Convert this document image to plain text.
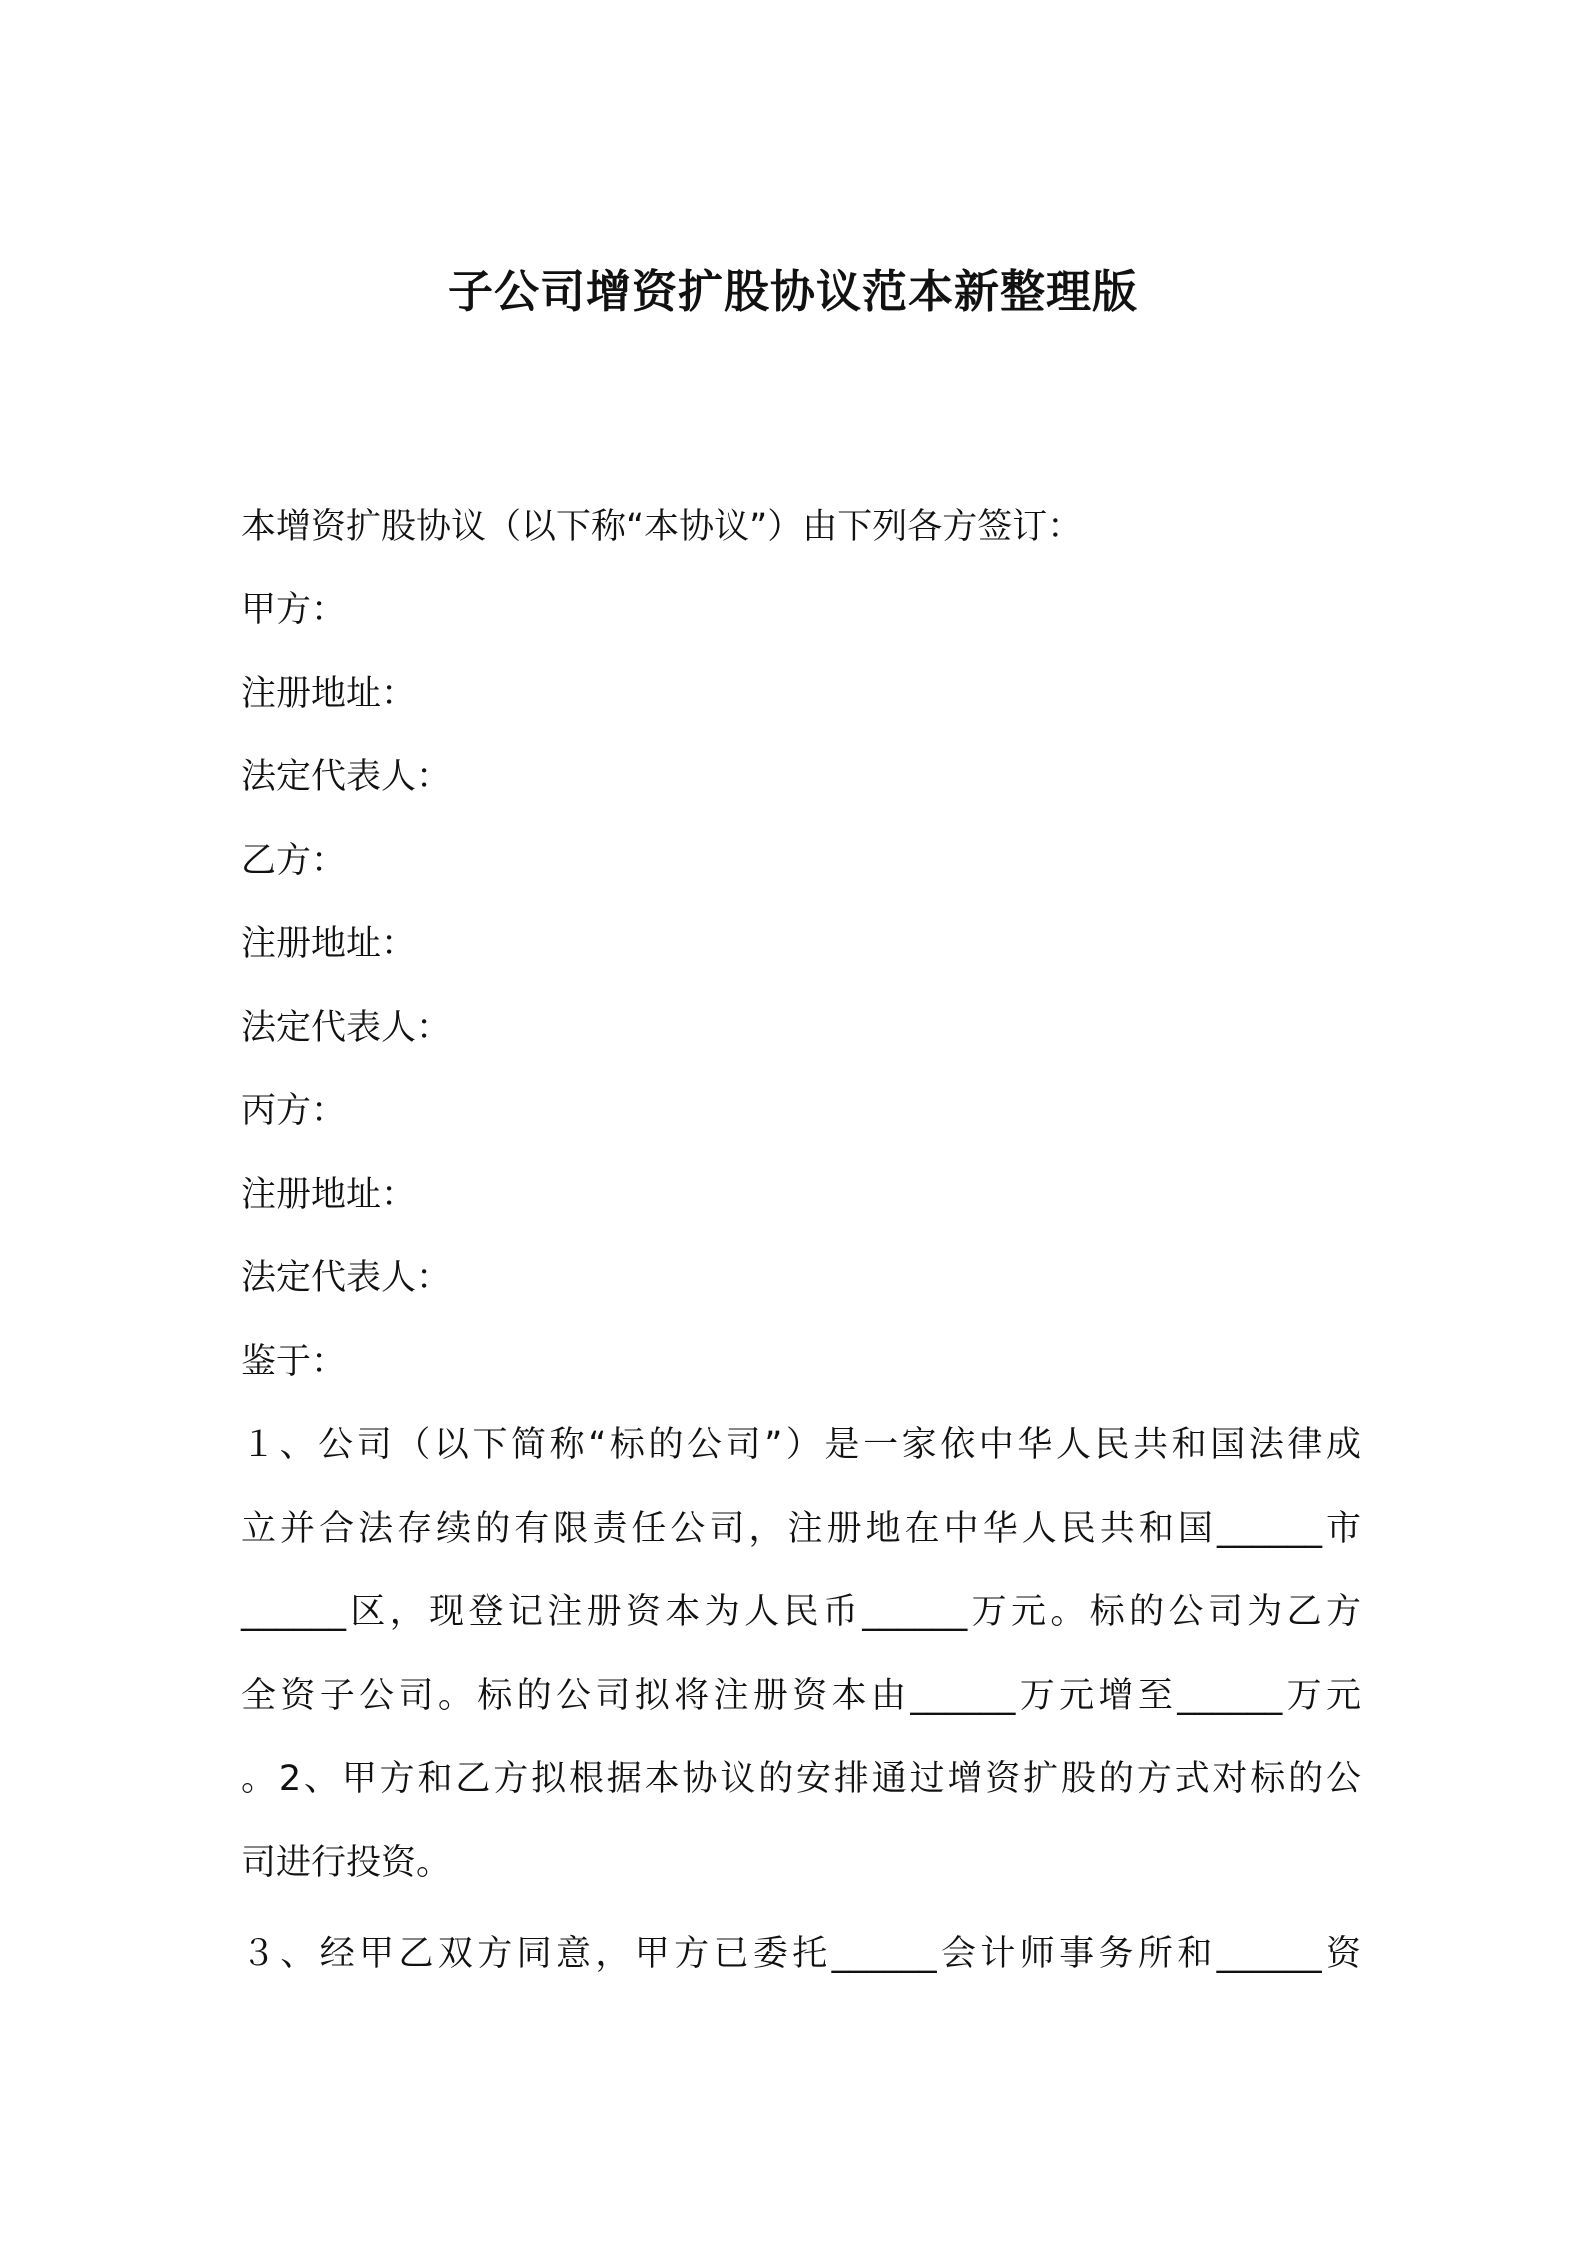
子公司增资扩股协议范本新整理版
本增资扩股协议（以下称“本协议”）由下列各方签订：
甲方：
注册地址：
法定代表人：
乙方：
注册地址：
法定代表人：
丙方：
注册地址：
法定代表人：
鉴于：
１、公司（以下简称“标的公司”）是一家依中华人民共和国法律成
立并合法存续的有限责任公司，注册地在中华人民共和国______市
______区，现登记注册资本为人民币______万元。标的公司为乙方
全资子公司。标的公司拟将注册资本由______万元增至______万元
。2、甲方和乙方拟根据本协议的安排通过增资扩股的方式对标的公
司进行投资。
３、经甲乙双方同意，甲方已委托______会计师事务所和______资
